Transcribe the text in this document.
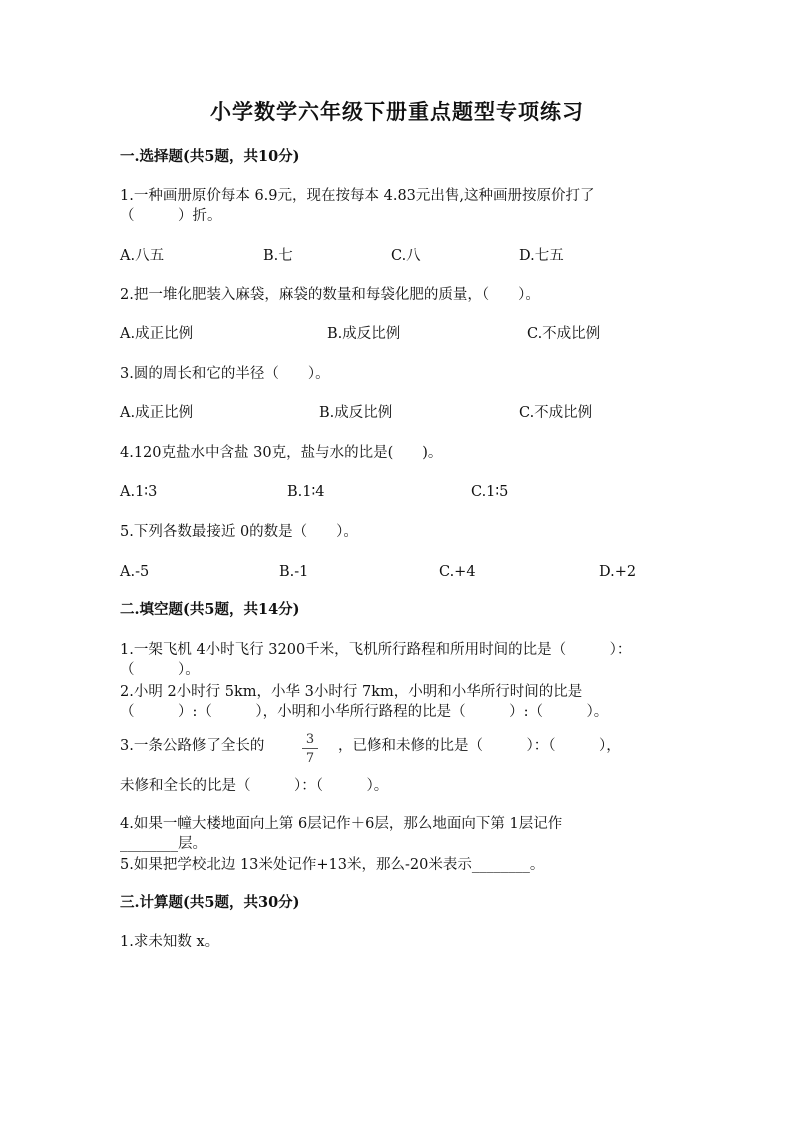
小学数学六年级下册重点题型专项练习
一.选择题(共5题，共10分)
1.一种画册原价每本 6.9元，现在按每本 4.83元出售,这种画册按原价打了
（　　　）折。
A.八五	B.七	C.八	D.七五
2.把一堆化肥装入麻袋，麻袋的数量和每袋化肥的质量，（　　）。
A.成正比例	B.成反比例	C.不成比例
3.圆的周长和它的半径（　　）。
A.成正比例	B.成反比例	C.不成比例
4.120克盐水中含盐 30克，盐与水的比是(　　)。
A.1∶3	B.1∶4	C.1∶5
5.下列各数最接近 0的数是（　　）。
A.-5	B.-1	C.+4	D.+2
二.填空题(共5题，共14分)
1.一架飞机 4小时飞行 3200千米，飞机所行路程和所用时间的比是（　　　）：
（　　　）。
2.小明 2小时行 5km，小华 3小时行 7km，小明和小华所行时间的比是
（　　　）:（　　　），小明和小华所行路程的比是（　　　）:（　　　）。
3.一条公路修了全长的	3
7
，已修和未修的比是（　　　）：（　　　），
未修和全长的比是（　　　）：（　　　）。
4.如果一幢大楼地面向上第 6层记作＋6层，那么地面向下第 1层记作
________层。
5.如果把学校北边 13米处记作+13米，那么-20米表示________。
三.计算题(共5题，共30分)
1.求未知数 x。
